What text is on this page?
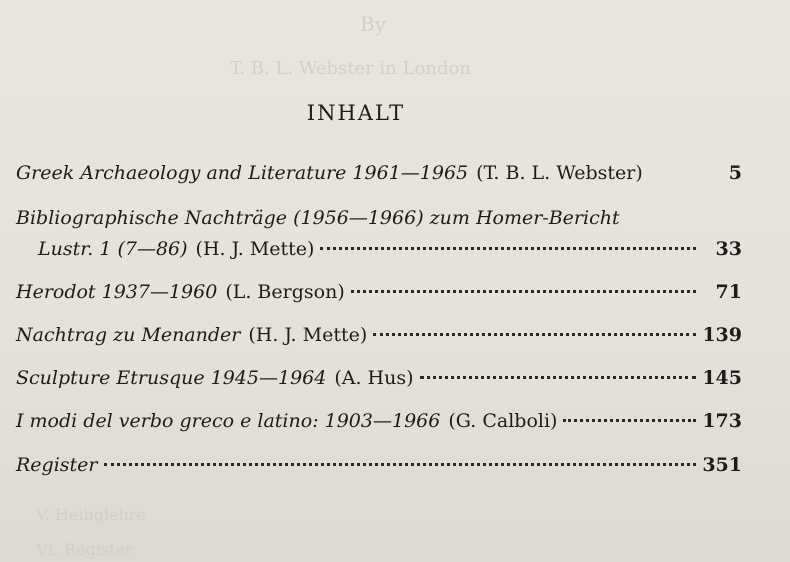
By
T. B. L. Webster in London
V. Heiliglehre
VI. Register
INHALT
Greek Archaeology and Literature 1961—1965 (T. B. L. Webster)	5
Bibliographische Nachträge (1956—1966) zum Homer-Bericht
Lustr. 1 (7—86) (H. J. Mette)	33
Herodot 1937—1960 (L. Bergson)	71
Nachtrag zu Menander (H. J. Mette)	139
Sculpture Etrusque 1945—1964 (A. Hus)	145
I modi del verbo greco e latino: 1903—1966 (G. Calboli)	173
Register	351
